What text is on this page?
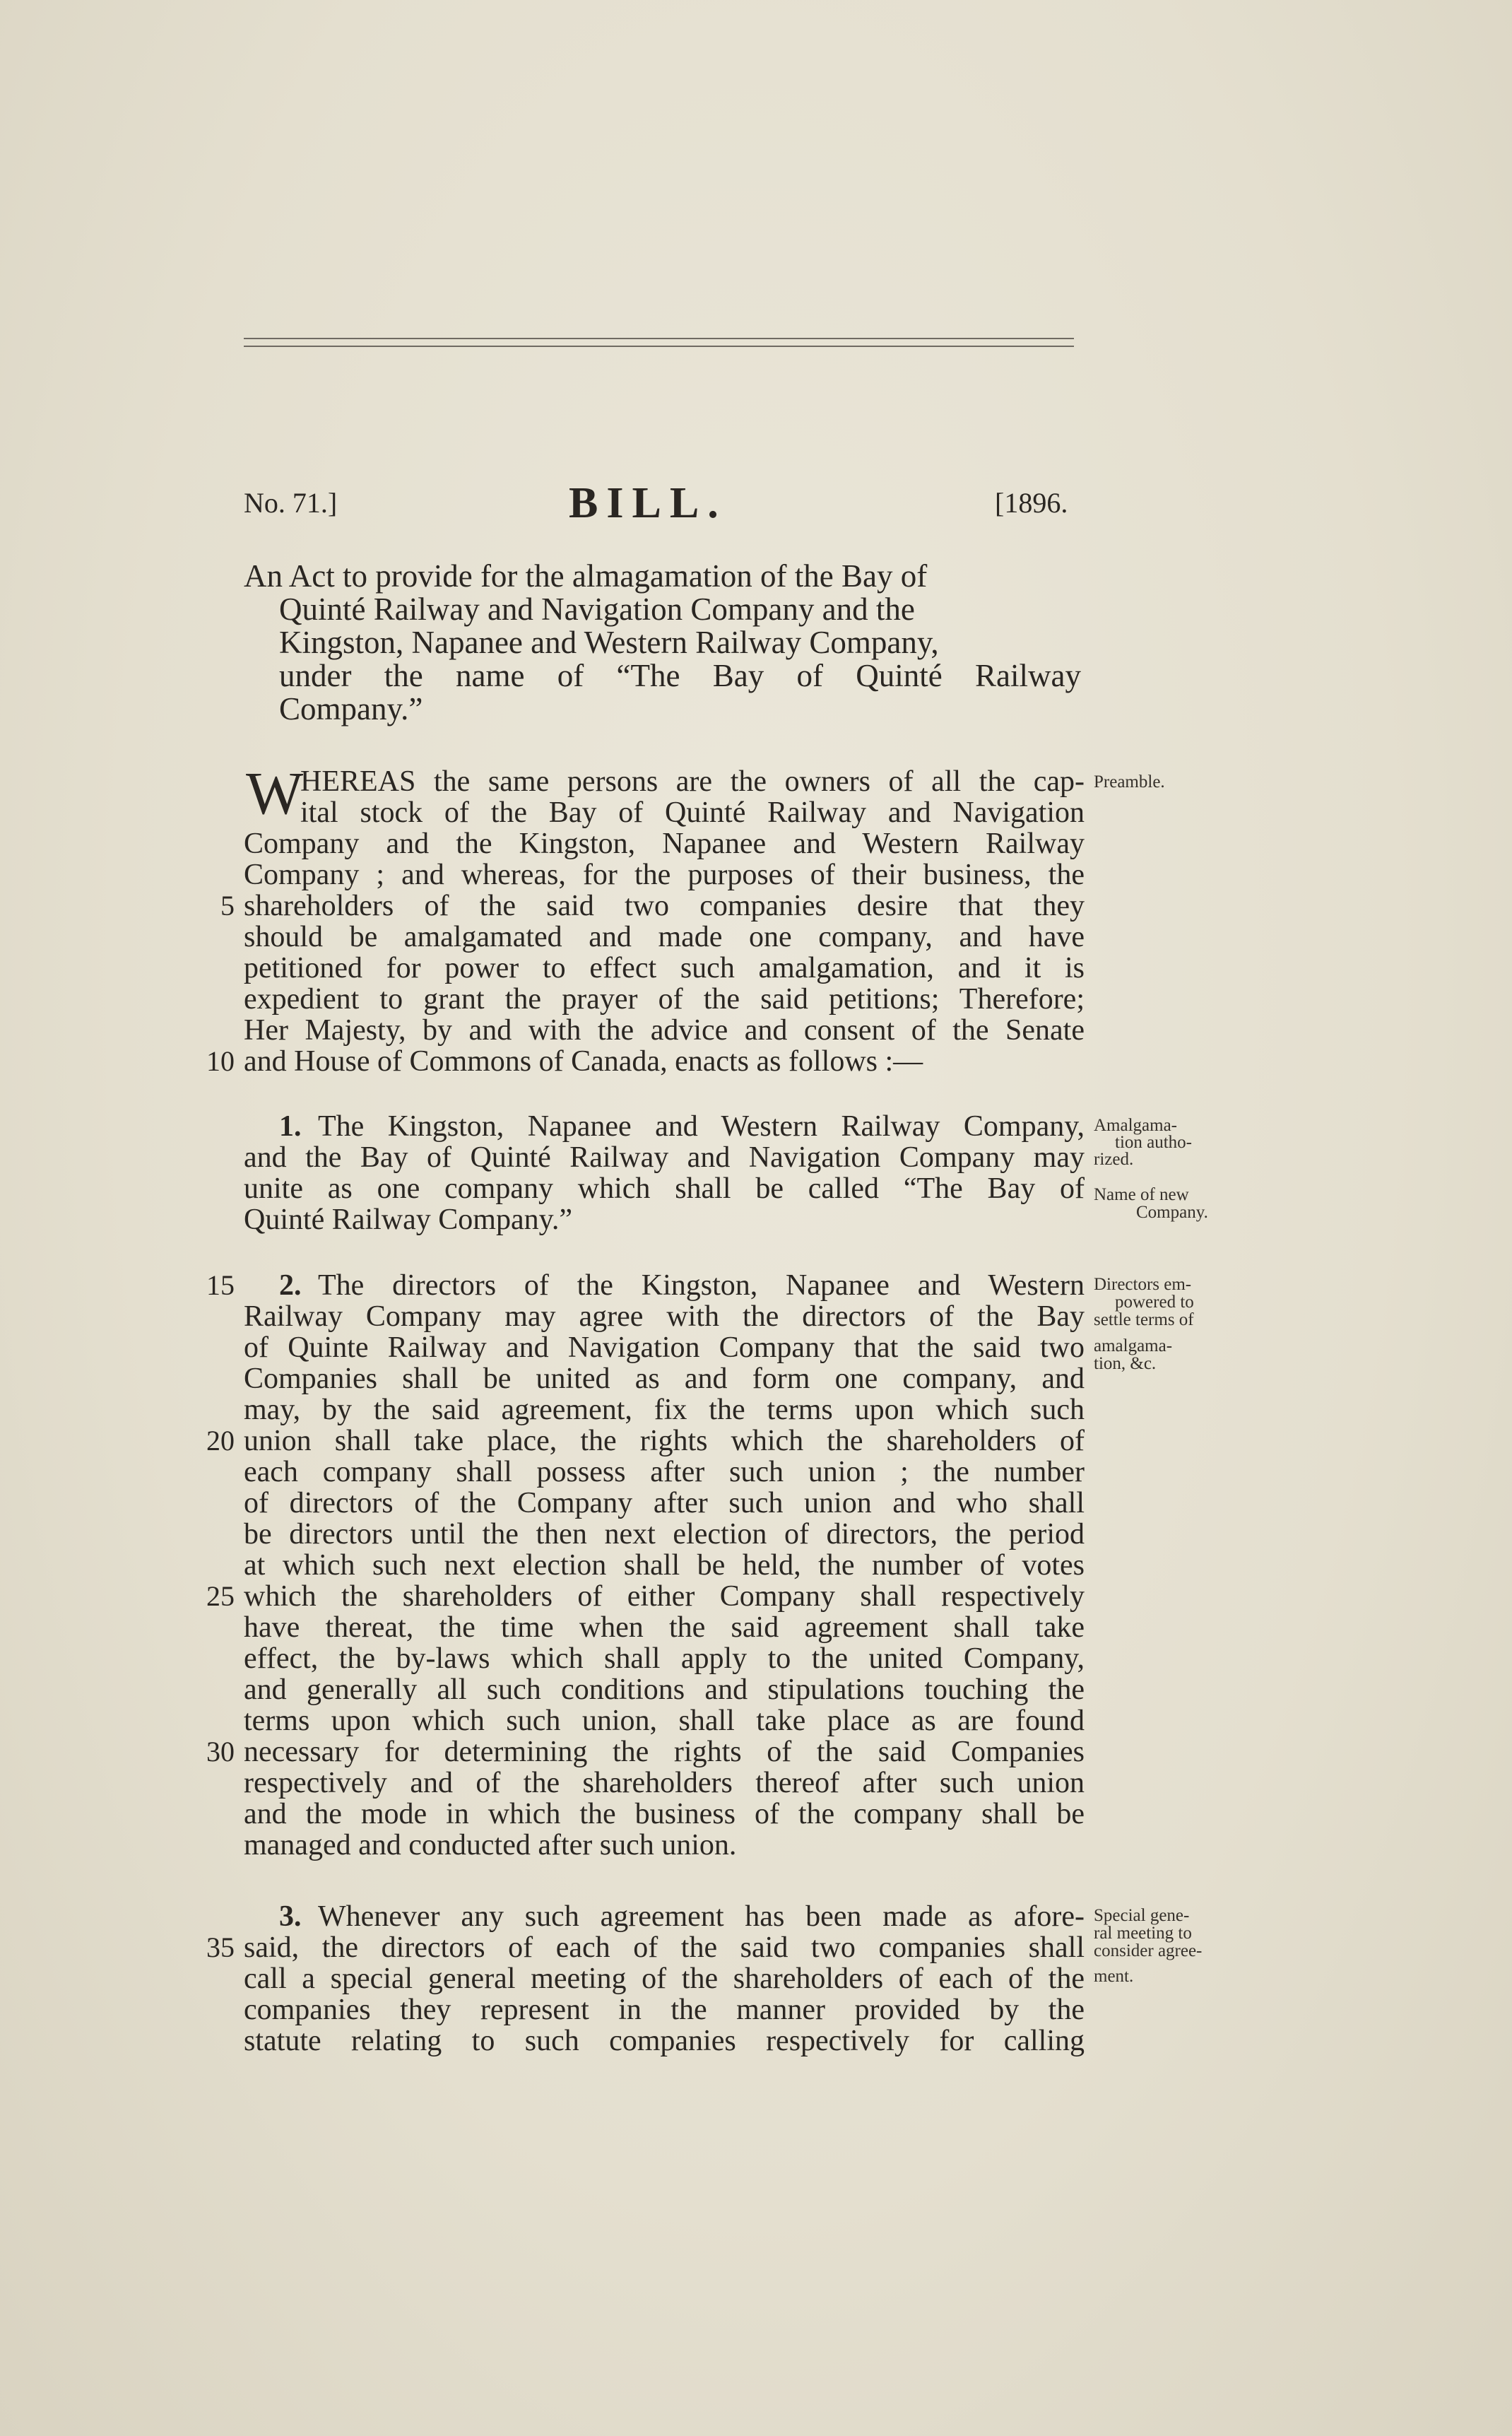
No. 71.]	BILL.	[1896.
An Act to provide for the almagamation of the Bay of
Quinté Railway and Navigation Company and the
Kingston, Napanee and Western Railway Company,
under the name of “The Bay of Quinté Railway
Company.”
W
HEREAS the same persons are the owners of all the cap-
ital stock of the Bay of Quinté Railway and Navigation
Company and the Kingston, Napanee and Western Railway
Company ; and whereas, for the purposes of their business, the
shareholders of the said two companies desire that they
should be amalgamated and made one company, and have
petitioned for power to effect such amalgamation, and it is
expedient to grant the prayer of the said petitions; Therefore;
Her Majesty, by and with the advice and consent of the Senate
and House of Commons of Canada, enacts as follows :—
1. The Kingston, Napanee and Western Railway Company,
and the Bay of Quinté Railway and Navigation Company may
unite as one company which shall be called “The Bay of
Quinté Railway Company.”
2. The directors of the Kingston, Napanee and Western
Railway Company may agree with the directors of the Bay
of Quinte Railway and Navigation Company that the said two
Companies shall be united as and form one company, and
may, by the said agreement, fix the terms upon which such
union shall take place, the rights which the shareholders of
each company shall possess after such union ; the number
of directors of the Company after such union and who shall
be directors until the then next election of directors, the period
at which such next election shall be held, the number of votes
which the shareholders of either Company shall respectively
have thereat, the time when the said agreement shall take
effect, the by-laws which shall apply to the united Company,
and generally all such conditions and stipulations touching the
terms upon which such union, shall take place as are found
necessary for determining the rights of the said Companies
respectively and of the shareholders thereof after such union
and the mode in which the business of the company shall be
managed and conducted after such union.
3. Whenever any such agreement has been made as afore-
said, the directors of each of the said two companies shall
call a special general meeting of the shareholders of each of the
companies they represent in the manner provided by the
statute relating to such companies respectively for calling
5
10
15
20
25
30
35
Preamble.
Amalgama-
tion autho-
rized.
Name of new
Company.
Directors em-
powered to
settle terms of
amalgama-
tion, &c.
Special gene-
ral meeting to
consider agree-
ment.
